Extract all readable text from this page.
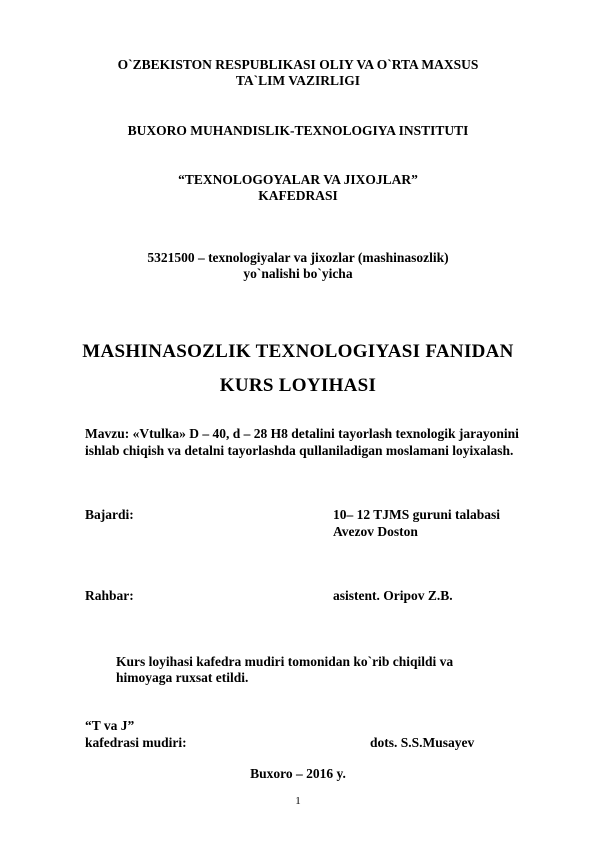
O`ZBEKISTON RESPUBLIKASI OLIY VA O`RTA MAXSUS
TA`LIM VAZIRLIGI
BUXORO MUHANDISLIK-TEXNOLOGIYA INSTITUTI
“TEXNOLOGOYALAR VA JIXOJLAR”
KAFEDRASI
5321500 – texnologiyalar va jixozlar (mashinasozlik)
yo`nalishi bo`yicha
MASHINASOZLIK TEXNOLOGIYASI FANIDAN
KURS LOYIHASI
Mavzu: «Vtulka» D – 40, d – 28 H8 detalini tayorlash texnologik jarayonini
ishlab chiqish va detalni tayorlashda qullaniladigan moslamani loyixalash.
Bajardi:	10– 12 TJMS guruni talabasi
Avezov Doston
Rahbar:	asistent. Oripov Z.B.
Kurs loyihasi kafedra mudiri tomonidan ko`rib chiqildi va
himoyaga ruxsat etildi.
“T va J”
kafedrasi mudiri:	dots. S.S.Musayev
Buxoro – 2016 y.
1
